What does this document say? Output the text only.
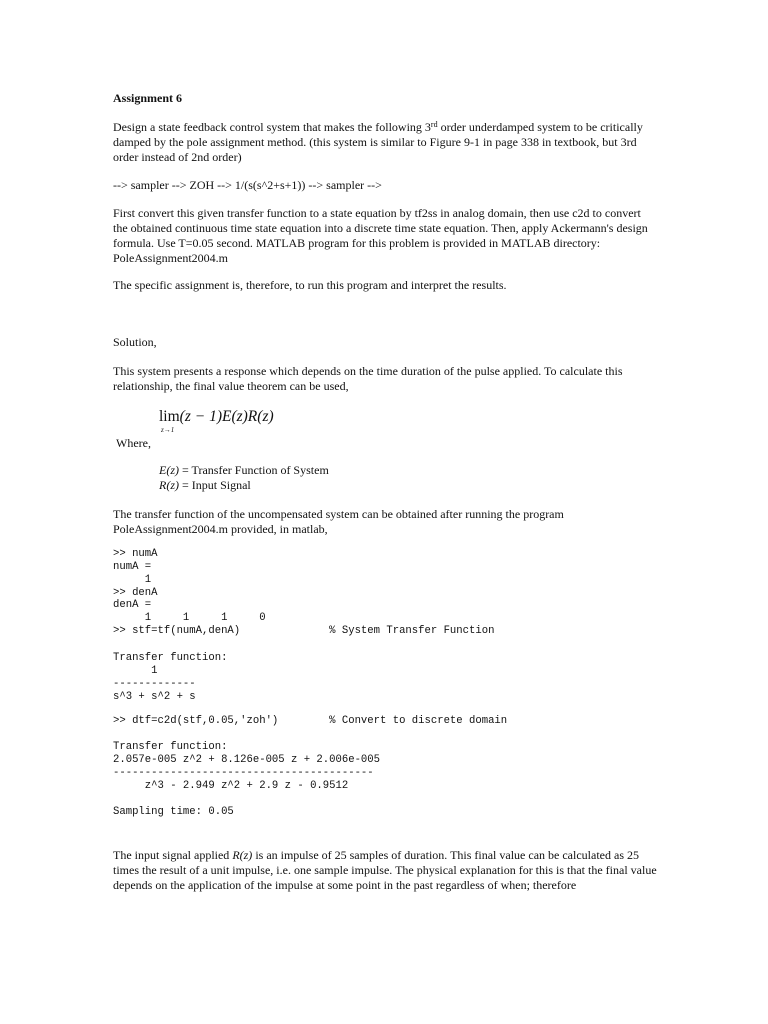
Assignment 6

Design a state feedback control system that makes the following 3rd order underdamped system to be critically damped by the pole assignment method. (this system is similar to Figure 9-1 in page 338 in textbook, but 3rd order instead of 2nd order)

--> sampler --> ZOH --> 1/(s(s^2+s+1)) --> sampler -->

First convert this given transfer function to a state equation by tf2ss in analog domain, then use c2d to convert the obtained continuous time state equation into a discrete time state equation. Then, apply Ackermann's design formula. Use T=0.05 second. MATLAB program for this problem is provided in MATLAB directory: PoleAssignment2004.m

The specific assignment is, therefore, to run this program and interpret the results.

Solution,

This system presents a response which depends on the time duration of the pulse applied. To calculate this relationship, the final value theorem can be used,

lim(z − 1)E(z)R(z)
z→1

Where,

E(z) = Transfer Function of System
R(z) = Input Signal

The transfer function of the uncompensated system can be obtained after running the program PoleAssignment2004.m provided, in matlab,

>> numA
numA =
1
>> denA
denA =
1     1     1     0
>> stf=tf(numA,denA)              % System Transfer Function
Transfer function:
1
-------------
s^3 + s^2 + s
>> dtf=c2d(stf,0.05,'zoh')        % Convert to discrete domain
Transfer function:
2.057e-005 z^2 + 8.126e-005 z + 2.006e-005
-----------------------------------------
z^3 - 2.949 z^2 + 2.9 z - 0.9512
Sampling time: 0.05

The input signal applied R(z) is an impulse of 25 samples of duration. This final value can be calculated as 25 times the result of a unit impulse, i.e. one sample impulse. The physical explanation for this is that the final value depends on the application of the impulse at some point in the past regardless of when; therefore
